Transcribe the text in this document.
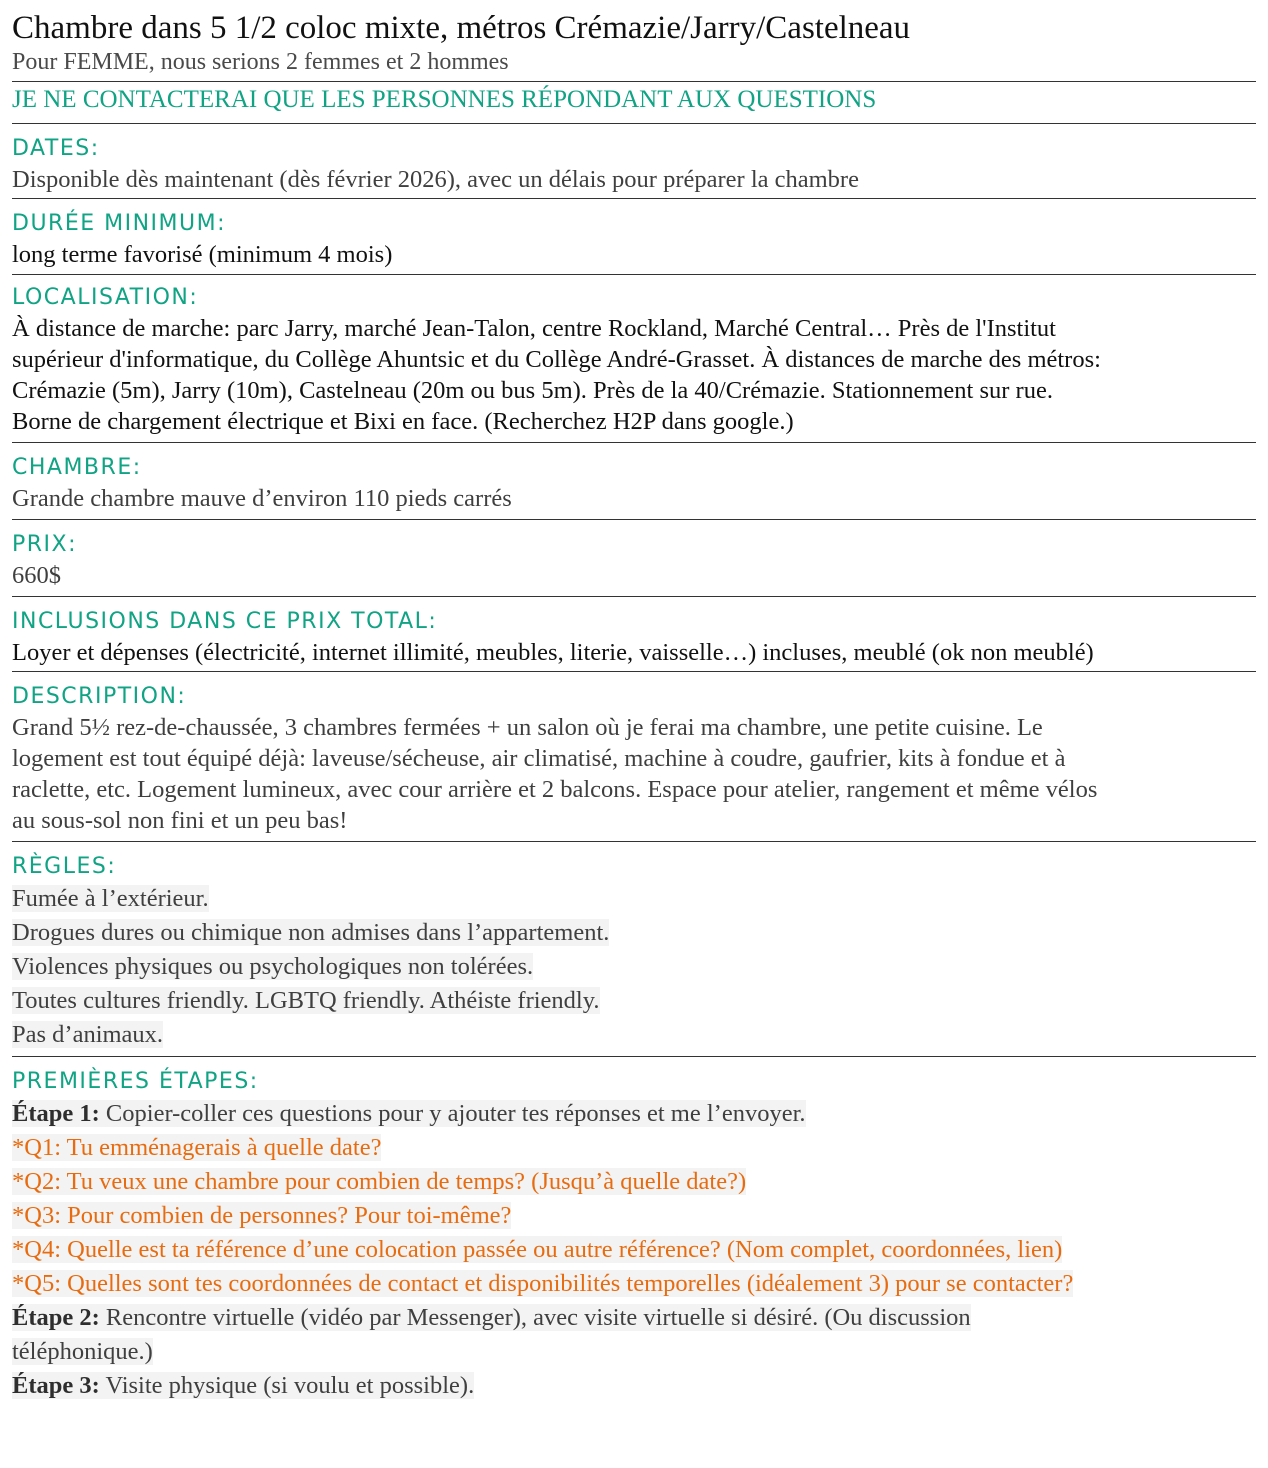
Chambre dans 5 1/2 coloc mixte, métros Crémazie/Jarry/Castelneau
Pour FEMME, nous serions 2 femmes et 2 hommes
JE NE CONTACTERAI QUE LES PERSONNES RÉPONDANT AUX QUESTIONS
DATES:
Disponible dès maintenant (dès février 2026), avec un délais pour préparer la chambre
DURÉE MINIMUM:
long terme favorisé (minimum 4 mois)
LOCALISATION:
À distance de marche: parc Jarry, marché Jean-Talon, centre Rockland, Marché Central… Près de l'Institut
supérieur d'informatique, du Collège Ahuntsic et du Collège André-Grasset. À distances de marche des métros:
Crémazie (5m), Jarry (10m), Castelneau (20m ou bus 5m). Près de la 40/Crémazie. Stationnement sur rue.
Borne de chargement électrique et Bixi en face. (Recherchez H2P dans google.)
CHAMBRE:
Grande chambre mauve d’environ 110 pieds carrés
PRIX:
660$
INCLUSIONS DANS CE PRIX TOTAL:
Loyer et dépenses (électricité, internet illimité, meubles, literie, vaisselle…) incluses, meublé (ok non meublé)
DESCRIPTION:
Grand 5½ rez-de-chaussée, 3 chambres fermées + un salon où je ferai ma chambre, une petite cuisine. Le
logement est tout équipé déjà: laveuse/sécheuse, air climatisé, machine à coudre, gaufrier, kits à fondue et à
raclette, etc. Logement lumineux, avec cour arrière et 2 balcons. Espace pour atelier, rangement et même vélos
au sous-sol non fini et un peu bas!
RÈGLES:
Fumée à l’extérieur.
Drogues dures ou chimique non admises dans l’appartement.
Violences physiques ou psychologiques non tolérées.
Toutes cultures friendly. LGBTQ friendly. Athéiste friendly.
Pas d’animaux.
PREMIÈRES ÉTAPES:
Étape 1: Copier-coller ces questions pour y ajouter tes réponses et me l’envoyer.
*Q1: Tu emménagerais à quelle date?
*Q2: Tu veux une chambre pour combien de temps? (Jusqu’à quelle date?)
*Q3: Pour combien de personnes? Pour toi-même?
*Q4: Quelle est ta référence d’une colocation passée ou autre référence? (Nom complet, coordonnées, lien)
*Q5: Quelles sont tes coordonnées de contact et disponibilités temporelles (idéalement 3) pour se contacter?
Étape 2: Rencontre virtuelle (vidéo par Messenger), avec visite virtuelle si désiré. (Ou discussion
téléphonique.)
Étape 3: Visite physique (si voulu et possible).
